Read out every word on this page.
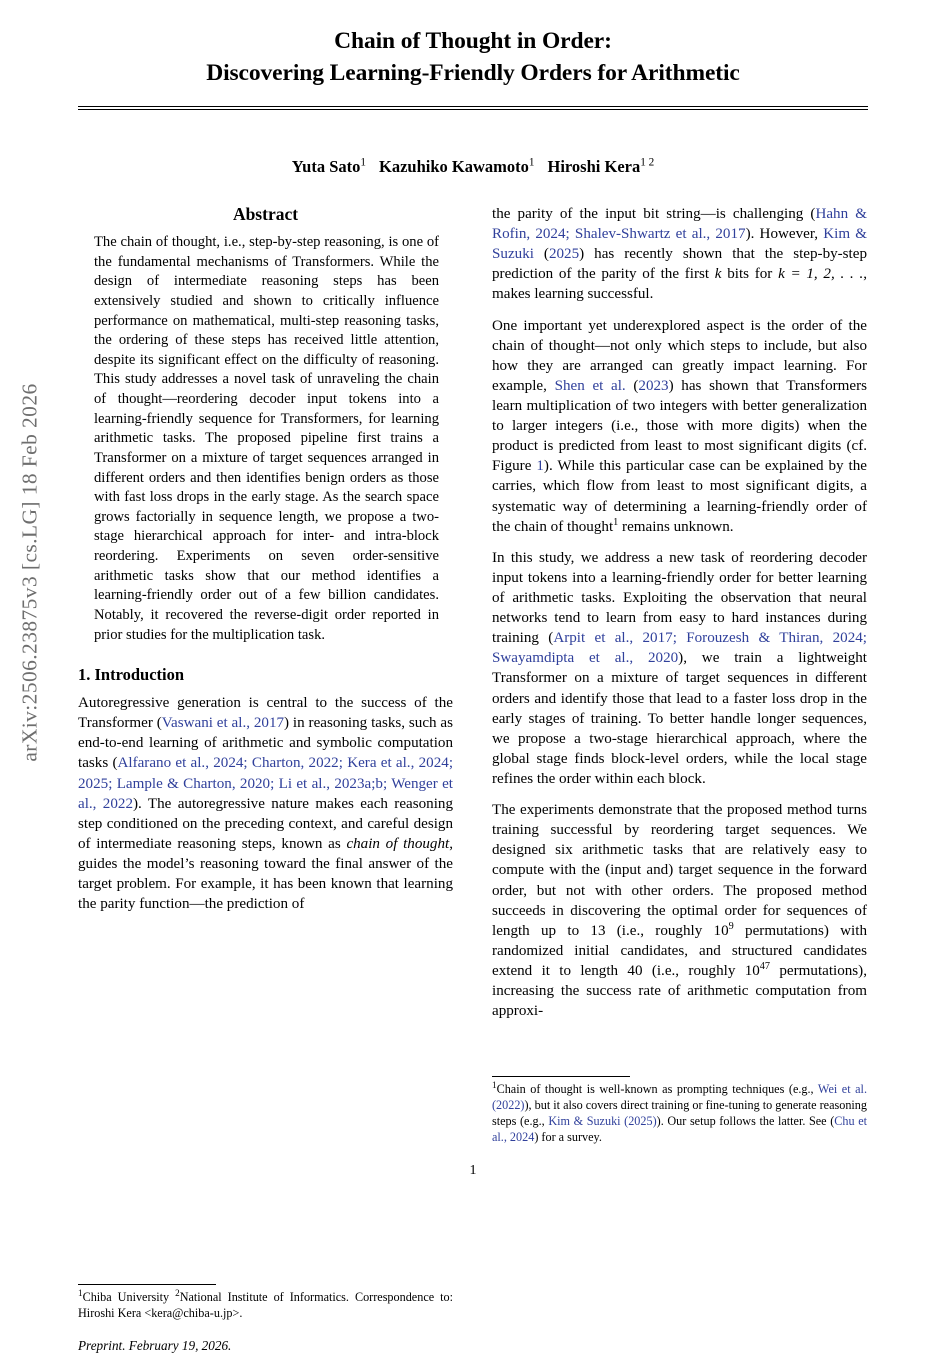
arXiv:2506.23875v3 [cs.LG] 18 Feb 2026
Chain of Thought in Order:
Discovering Learning-Friendly Orders for Arithmetic
Yuta Sato$^1$ Kazuhiko Kawamoto$^1$ Hiroshi Kera$^{1 2}$
Abstract

The chain of thought, i.e., step-by-step reasoning, is one of the fundamental mechanisms of Transformers. While the design of intermediate reasoning steps has been extensively studied and shown to critically influence performance on mathematical, multi-step reasoning tasks, the ordering of these steps has received little attention, despite its significant effect on the difficulty of reasoning. This study addresses a novel task of unraveling the chain of thought—reordering decoder input tokens into a learning-friendly sequence for Transformers, for learning arithmetic tasks. The proposed pipeline first trains a Transformer on a mixture of target sequences arranged in different orders and then identifies benign orders as those with fast loss drops in the early stage. As the search space grows factorially in sequence length, we propose a two-stage hierarchical approach for inter- and intra-block reordering. Experiments on seven order-sensitive arithmetic tasks show that our method identifies a learning-friendly order out of a few billion candidates. Notably, it recovered the reverse-digit order reported in prior studies for the multiplication task.

1. Introduction

Autoregressive generation is central to the success of the Transformer (Vaswani et al., 2017) in reasoning tasks, such as end-to-end learning of arithmetic and symbolic computation tasks (Alfarano et al., 2024; Charton, 2022; Kera et al., 2024; 2025; Lample & Charton, 2020; Li et al., 2023a;b; Wenger et al., 2022). The autoregressive nature makes each reasoning step conditioned on the preceding context, and careful design of intermediate reasoning steps, known as chain of thought, guides the model’s reasoning toward the final answer of the target problem. For example, it has been known that learning the parity function—the prediction of

$^1$Chiba University $^2$National Institute of Informatics. Correspondence to: Hiroshi Kera <kera@chiba-u.jp>.

Preprint. February 19, 2026.

the parity of the input bit string—is challenging (Hahn & Rofin, 2024; Shalev-Shwartz et al., 2017). However, Kim & Suzuki (2025) has recently shown that the step-by-step prediction of the parity of the first k bits for k = 1, 2, . . ., makes learning successful.

One important yet underexplored aspect is the order of the chain of thought—not only which steps to include, but also how they are arranged can greatly impact learning. For example, Shen et al. (2023) has shown that Transformers learn multiplication of two integers with better generalization to larger integers (i.e., those with more digits) when the product is predicted from least to most significant digits (cf. Figure 1). While this particular case can be explained by the carries, which flow from least to most significant digits, a systematic way of determining a learning-friendly order of the chain of thought$^1$ remains unknown.

In this study, we address a new task of reordering decoder input tokens into a learning-friendly order for better learning of arithmetic tasks. Exploiting the observation that neural networks tend to learn from easy to hard instances during training (Arpit et al., 2017; Forouzesh & Thiran, 2024; Swayamdipta et al., 2020), we train a lightweight Transformer on a mixture of target sequences in different orders and identify those that lead to a faster loss drop in the early stages of training. To better handle longer sequences, we propose a two-stage hierarchical approach, where the global stage finds block-level orders, while the local stage refines the order within each block.

The experiments demonstrate that the proposed method turns training successful by reordering target sequences. We designed six arithmetic tasks that are relatively easy to compute with the (input and) target sequence in the forward order, but not with other orders. The proposed method succeeds in discovering the optimal order for sequences of length up to 13 (i.e., roughly $10^9$ permutations) with randomized initial candidates, and structured candidates extend it to length 40 (i.e., roughly $10^{47}$ permutations), increasing the success rate of arithmetic computation from approxi-

$^1$Chain of thought is well-known as prompting techniques (e.g., Wei et al. (2022)), but it also covers direct training or fine-tuning to generate reasoning steps (e.g., Kim & Suzuki (2025)). Our setup follows the latter. See (Chu et al., 2024) for a survey.

1
